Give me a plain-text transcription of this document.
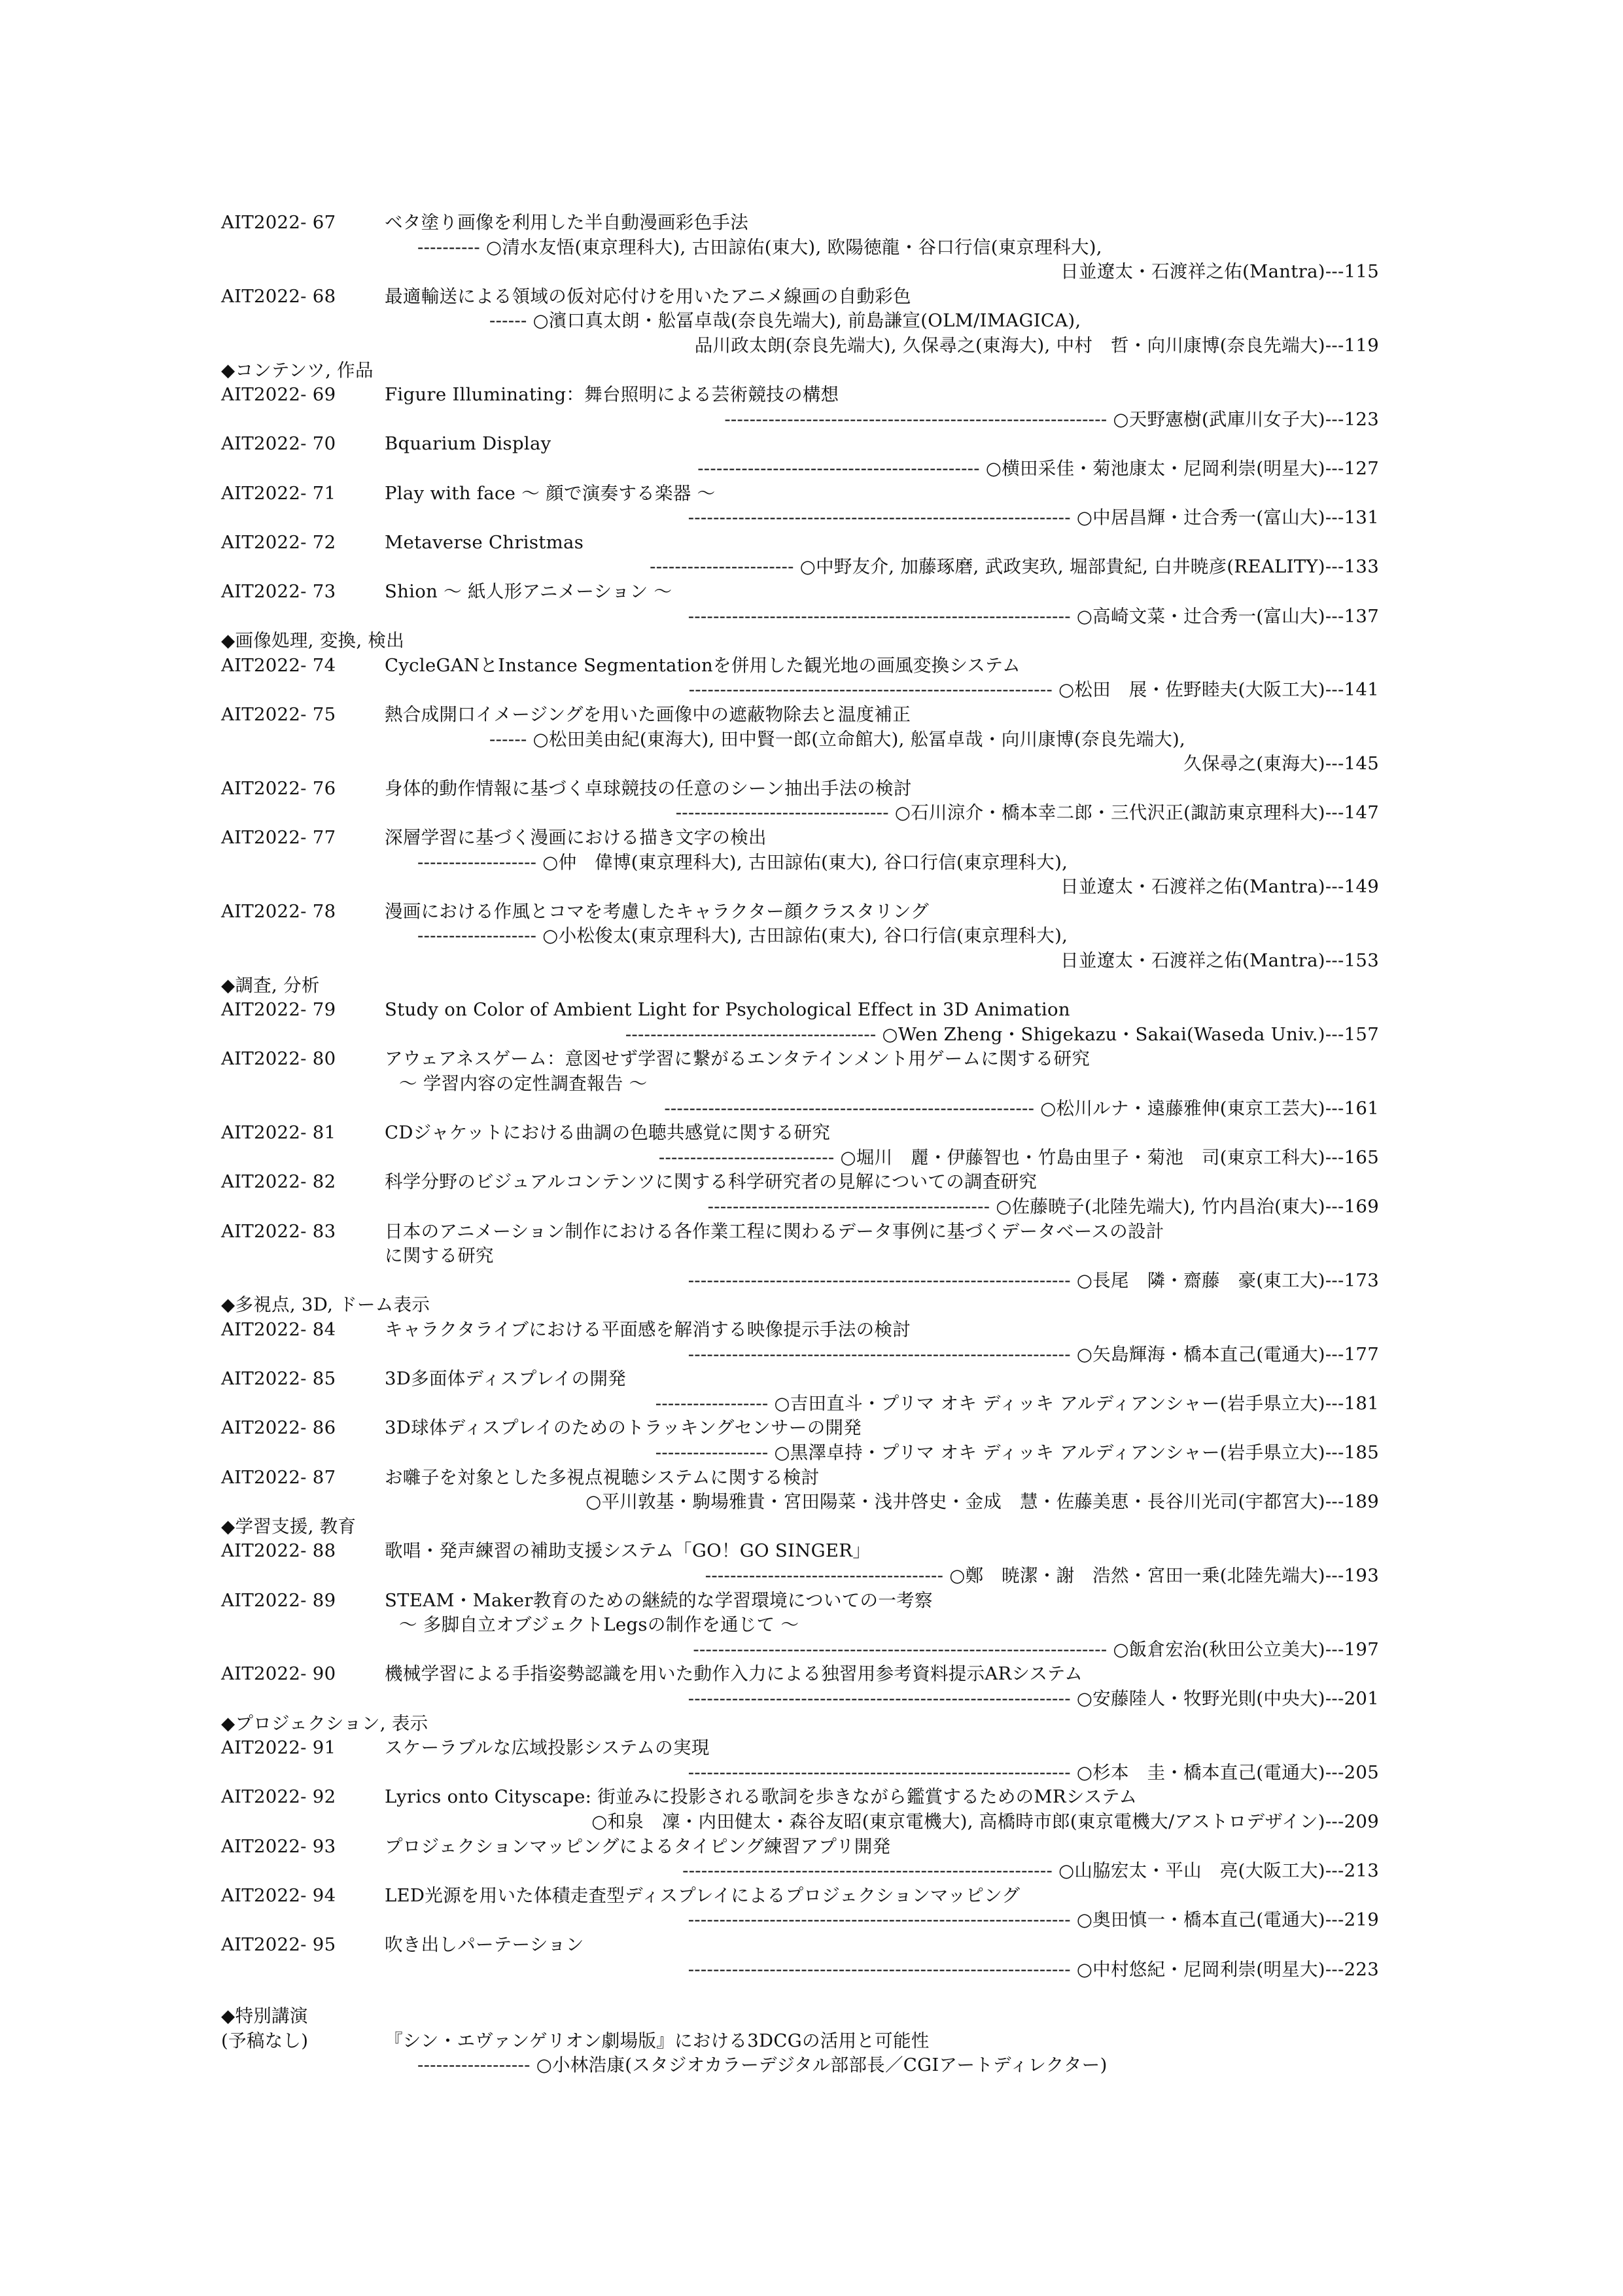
AIT2022- 67	ベタ塗り画像を利用した半自動漫画彩色手法
---------- ○清水友悟(東京理科大), 古田諒佑(東大), 欧陽徳龍・谷口行信(東京理科大),
日並遼太・石渡祥之佑(Mantra)---115
AIT2022- 68	最適輸送による領域の仮対応付けを用いたアニメ線画の自動彩色
------ ○濱口真太朗・舩冨卓哉(奈良先端大), 前島謙宣(OLM/IMAGICA),
品川政太朗(奈良先端大), 久保尋之(東海大), 中村　哲・向川康博(奈良先端大)---119
◆コンテンツ, 作品
AIT2022- 69	Figure Illuminating：舞台照明による芸術競技の構想
------------------------------------------------------------- ○天野憲樹(武庫川女子大)---123
AIT2022- 70	Bquarium Display
--------------------------------------------- ○横田采佳・菊池康太・尼岡利崇(明星大)---127
AIT2022- 71	Play with face ～ 顔で演奏する楽器 ～
------------------------------------------------------------- ○中居昌輝・辻合秀一(富山大)---131
AIT2022- 72	Metaverse Christmas
----------------------- ○中野友介, 加藤琢磨, 武政実玖, 堀部貴紀, 白井暁彦(REALITY)---133
AIT2022- 73	Shion ～ 紙人形アニメーション ～
------------------------------------------------------------- ○高崎文菜・辻合秀一(富山大)---137
◆画像処理, 変換, 検出
AIT2022- 74	CycleGANとInstance Segmentationを併用した観光地の画風変換システム
---------------------------------------------------------- ○松田　展・佐野睦夫(大阪工大)---141
AIT2022- 75	熱合成開口イメージングを用いた画像中の遮蔽物除去と温度補正
------ ○松田美由紀(東海大), 田中賢一郎(立命館大), 舩冨卓哉・向川康博(奈良先端大),
久保尋之(東海大)---145
AIT2022- 76	身体的動作情報に基づく卓球競技の任意のシーン抽出手法の検討
---------------------------------- ○石川涼介・橋本幸二郎・三代沢正(諏訪東京理科大)---147
AIT2022- 77	深層学習に基づく漫画における描き文字の検出
------------------- ○仲　偉博(東京理科大), 古田諒佑(東大), 谷口行信(東京理科大),
日並遼太・石渡祥之佑(Mantra)---149
AIT2022- 78	漫画における作風とコマを考慮したキャラクター顔クラスタリング
------------------- ○小松俊太(東京理科大), 古田諒佑(東大), 谷口行信(東京理科大),
日並遼太・石渡祥之佑(Mantra)---153
◆調査, 分析
AIT2022- 79	Study on Color of Ambient Light for Psychological Effect in 3D Animation
---------------------------------------- ○Wen Zheng・Shigekazu・Sakai(Waseda Univ.)---157
AIT2022- 80	アウェアネスゲーム：意図せず学習に繋がるエンタテインメント用ゲームに関する研究
～ 学習内容の定性調査報告 ～
----------------------------------------------------------- ○松川ルナ・遠藤雅伸(東京工芸大)---161
AIT2022- 81	CDジャケットにおける曲調の色聴共感覚に関する研究
---------------------------- ○堀川　麗・伊藤智也・竹島由里子・菊池　司(東京工科大)---165
AIT2022- 82	科学分野のビジュアルコンテンツに関する科学研究者の見解についての調査研究
--------------------------------------------- ○佐藤暁子(北陸先端大), 竹内昌治(東大)---169
AIT2022- 83	日本のアニメーション制作における各作業工程に関わるデータ事例に基づくデータベースの設計
に関する研究
------------------------------------------------------------- ○長尾　隣・齋藤　豪(東工大)---173
◆多視点, 3D, ドーム表示
AIT2022- 84	キャラクタライブにおける平面感を解消する映像提示手法の検討
------------------------------------------------------------- ○矢島輝海・橋本直己(電通大)---177
AIT2022- 85	3D多面体ディスプレイの開発
------------------ ○吉田直斗・プリマ オキ ディッキ アルディアンシャー(岩手県立大)---181
AIT2022- 86	3D球体ディスプレイのためのトラッキングセンサーの開発
------------------ ○黒澤卓持・プリマ オキ ディッキ アルディアンシャー(岩手県立大)---185
AIT2022- 87	お囃子を対象とした多視点視聴システムに関する検討
○平川敦基・駒場雅貴・宮田陽菜・浅井啓史・金成　慧・佐藤美恵・長谷川光司(宇都宮大)---189
◆学習支援, 教育
AIT2022- 88	歌唱・発声練習の補助支援システム「GO！GO SINGER」
-------------------------------------- ○鄭　暁潔・謝　浩然・宮田一乗(北陸先端大)---193
AIT2022- 89	STEAM・Maker教育のための継続的な学習環境についての一考察
～ 多脚自立オブジェクトLegsの制作を通じて ～
------------------------------------------------------------------ ○飯倉宏治(秋田公立美大)---197
AIT2022- 90	機械学習による手指姿勢認識を用いた動作入力による独習用参考資料提示ARシステム
------------------------------------------------------------- ○安藤陸人・牧野光則(中央大)---201
◆プロジェクション, 表示
AIT2022- 91	スケーラブルな広域投影システムの実現
------------------------------------------------------------- ○杉本　圭・橋本直己(電通大)---205
AIT2022- 92	Lyrics onto Cityscape: 街並みに投影される歌詞を歩きながら鑑賞するためのMRシステム
○和泉　凜・内田健太・森谷友昭(東京電機大), 高橋時市郎(東京電機大/アストロデザイン)---209
AIT2022- 93	プロジェクションマッピングによるタイピング練習アプリ開発
----------------------------------------------------------- ○山脇宏太・平山　亮(大阪工大)---213
AIT2022- 94	LED光源を用いた体積走査型ディスプレイによるプロジェクションマッピング
------------------------------------------------------------- ○奥田慎一・橋本直己(電通大)---219
AIT2022- 95	吹き出しパーテーション
------------------------------------------------------------- ○中村悠紀・尼岡利崇(明星大)---223
◆特別講演
(予稿なし)	『シン・エヴァンゲリオン劇場版』における3DCGの活用と可能性
------------------ ○小林浩康(スタジオカラーデジタル部部長／CGIアートディレクター)
